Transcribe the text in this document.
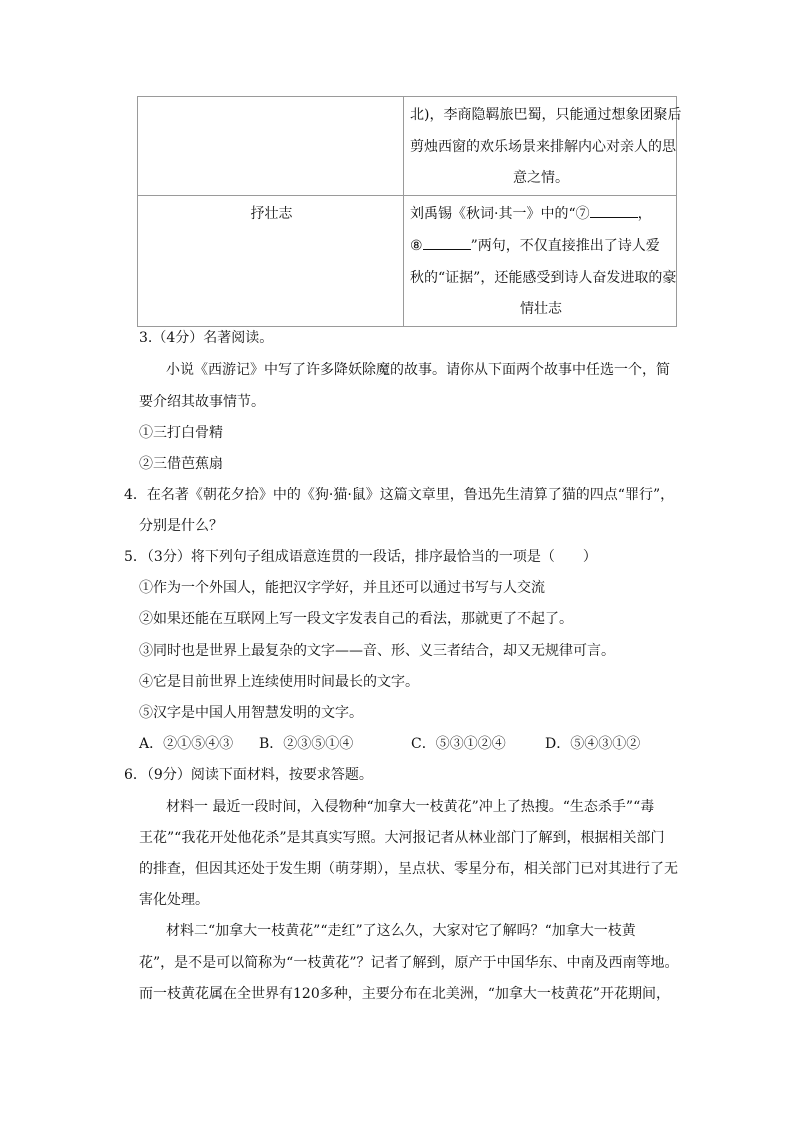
	北)，李商隐羁旅巴蜀，只能通过想象团聚后
剪烛西窗的欢乐场景来排解内心对亲人的思
意之情。

抒壮志	刘禹锡《秋词·其一》中的“⑦ ，
⑧ ”两句，不仅直接推出了诗人爱
秋的“证据”，还能感受到诗人奋发进取的豪
情壮志
3.（4分）名著阅读。
小说《西游记》中写了许多降妖除魔的故事。请你从下面两个故事中任选一个，简
要介绍其故事情节。
①三打白骨精
②三借芭蕉扇
4．在名著《朝花夕拾》中的《狗·猫·鼠》这篇文章里，鲁迅先生清算了猫的四点“罪行”，
分别是什么？
5．（3分）将下列句子组成语意连贯的一段话，排序最恰当的一项是（　　）
①作为一个外国人，能把汉字学好，并且还可以通过书写与人交流
②如果还能在互联网上写一段文字发表自己的看法，那就更了不起了。
③同时也是世界上最复杂的文字——音、形、义三者结合，却又无规律可言。
④它是目前世界上连续使用时间最长的文字。
⑤汉字是中国人用智慧发明的文字。
A．②①⑤④③ B．②③⑤①④	C．⑤③①②④	D．⑤④③①②
6．（9分）阅读下面材料，按要求答题。
材料一 最近一段时间，入侵物种“加拿大一枝黄花”冲上了热搜。“生态杀手”“毒
王花”“我花开处他花杀”是其真实写照。大河报记者从林业部门了解到，根据相关部门
的排查，但因其还处于发生期（萌芽期），呈点状、零星分布，相关部门已对其进行了无
害化处理。
材料二“加拿大一枝黄花”“走红”了这么久，大家对它了解吗？“加拿大一枝黄
花”，是不是可以简称为“一枝黄花”？记者了解到，原产于中国华东、中南及西南等地。
而一枝黄花属在全世界有120多种，主要分布在北美洲，“加拿大一枝黄花”开花期间，
